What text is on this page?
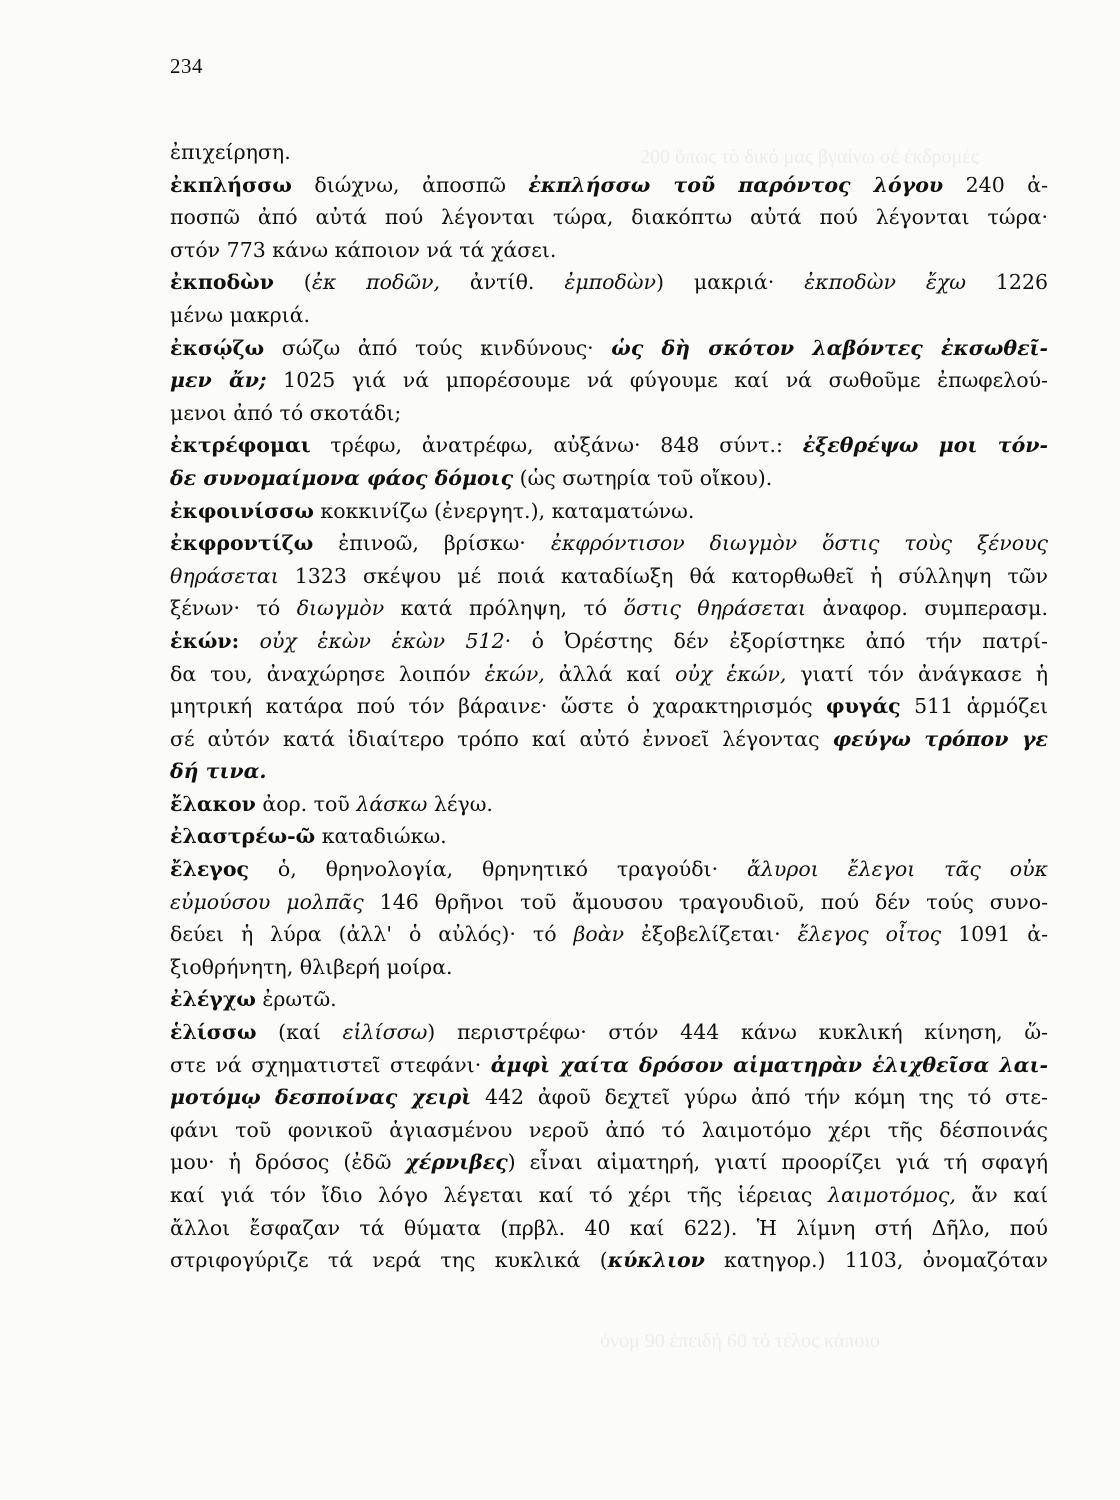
234
200 ὅπως τὸ δικό μας βγαίνω σέ ἐκδρομές
ὀνομ 90 ἐπειδή 60 τό τέλος κάποιο
ἐπιχείρηση.
ἐκπλήσσω διώχνω, ἀποσπῶ ἐκπλήσσω τοῦ παρόντος λόγου 240 ἀ-
ποσπῶ ἀπό αὐτά πού λέγονται τώρα, διακόπτω αὐτά πού λέγονται τώρα·
στόν 773 κάνω κάποιον νά τά χάσει.
ἐκποδὼν (ἐκ ποδῶν, ἀντίθ. ἐμποδὼν) μακριά· ἐκποδὼν ἔχω 1226
μένω μακριά.
ἐκσῴζω σώζω ἀπό τούς κινδύνους· ὡς δὴ σκότον λαβόντες ἐκσωθεῖ-
μεν ἄν; 1025 γιά νά μπορέσουμε νά φύγουμε καί νά σωθοῦμε ἐπωφελού-
μενοι ἀπό τό σκοτάδι;
ἐκτρέφομαι τρέφω, ἀνατρέφω, αὐξάνω· 848 σύντ.: ἐξεθρέψω μοι τόν-
δε συνομαίμονα φάος δόμοις (ὡς σωτηρία τοῦ οἴκου).
ἐκφοινίσσω κοκκινίζω (ἐνεργητ.), καταματώνω.
ἐκφροντίζω ἐπινοῶ, βρίσκω· ἐκφρόντισον διωγμὸν ὅστις τοὺς ξένους
θηράσεται 1323 σκέψου μέ ποιά καταδίωξη θά κατορθωθεῖ ἡ σύλληψη τῶν
ξένων· τό διωγμὸν κατά πρόληψη, τό ὅστις θηράσεται ἀναφορ. συμπερασμ.
ἑκών: οὐχ ἑκὼν ἑκὼν 512· ὁ Ὀρέστης δέν ἐξορίστηκε ἀπό τήν πατρί-
δα του, ἀναχώρησε λοιπόν ἑκών, ἀλλά καί οὐχ ἑκών, γιατί τόν ἀνάγκασε ἡ
μητρική κατάρα πού τόν βάραινε· ὥστε ὁ χαρακτηρισμός φυγάς 511 ἁρμόζει
σέ αὐτόν κατά ἰδιαίτερο τρόπο καί αὐτό ἐννοεῖ λέγοντας φεύγω τρόπον γε
δή τινα.
ἔλακον ἀορ. τοῦ λάσκω λέγω.
ἐλαστρέω-ῶ καταδιώκω.
ἔλεγος ὁ, θρηνολογία, θρηνητικό τραγούδι· ἄλυροι ἔλεγοι τᾶς οὐκ
εὐμούσου μολπᾶς 146 θρῆνοι τοῦ ἄμουσου τραγουδιοῦ, πού δέν τούς συνο-
δεύει ἡ λύρα (ἀλλ' ὁ αὐλός)· τό βοὰν ἐξοβελίζεται· ἔλεγος οἶτος 1091 ἀ-
ξιοθρήνητη, θλιβερή μοίρα.
ἐλέγχω ἐρωτῶ.
ἑλίσσω (καί εἱλίσσω) περιστρέφω· στόν 444 κάνω κυκλική κίνηση, ὥ-
στε νά σχηματιστεῖ στεφάνι· ἀμφὶ χαίτα δρόσον αἱματηρὰν ἑλιχθεῖσα λαι-
μοτόμῳ δεσποίνας χειρὶ 442 ἀφοῦ δεχτεῖ γύρω ἀπό τήν κόμη της τό στε-
φάνι τοῦ φονικοῦ ἁγιασμένου νεροῦ ἀπό τό λαιμοτόμο χέρι τῆς δέσποινάς
μου· ἡ δρόσος (ἐδῶ χέρνιβες) εἶναι αἱματηρή, γιατί προορίζει γιά τή σφαγή
καί γιά τόν ἴδιο λόγο λέγεται καί τό χέρι τῆς ἱέρειας λαιμοτόμος, ἄν καί
ἄλλοι ἔσφαζαν τά θύματα (πρβλ. 40 καί 622). Ἡ λίμνη στή Δῆλο, πού
στριφογύριζε τά νερά της κυκλικά (κύκλιον κατηγορ.) 1103, ὀνομαζόταν
